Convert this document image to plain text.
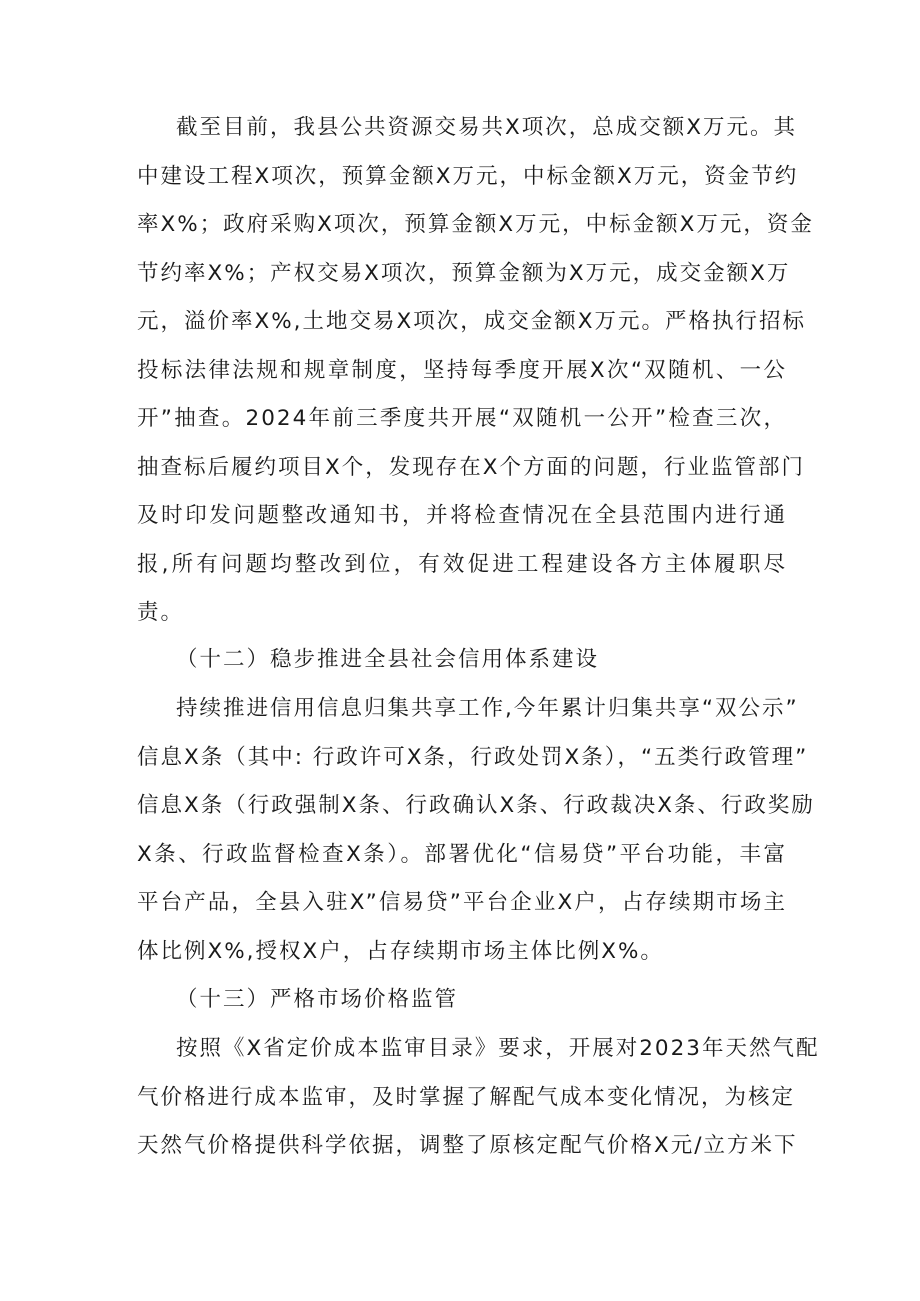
截至目前，我县公共资源交易共X项次，总成交额X万元。其
中建设工程X项次，预算金额X万元，中标金额X万元，资金节约
率X%；政府采购X项次，预算金额X万元，中标金额X万元，资金
节约率X%；产权交易X项次，预算金额为X万元，成交金额X万
元，溢价率X%,土地交易X项次，成交金额X万元。严格执行招标
投标法律法规和规章制度，坚持每季度开展X次“双随机、一公
开”抽查。2024年前三季度共开展“双随机一公开”检查三次，
抽查标后履约项目X个，发现存在X个方面的问题，行业监管部门
及时印发问题整改通知书，并将检查情况在全县范围内进行通
报,所有问题均整改到位，有效促进工程建设各方主体履职尽
责。
（十二）稳步推进全县社会信用体系建设
持续推进信用信息归集共享工作,今年累计归集共享“双公示”
信息X条（其中: 行政许可X条，行政处罚X条），“五类行政管理”
信息X条（行政强制X条、行政确认X条、行政裁决X条、行政奖励
X条、行政监督检查X条）。部署优化“信易贷”平台功能，丰富
平台产品，全县入驻X”信易贷”平台企业X户，占存续期市场主
体比例X%,授权X户，占存续期市场主体比例X%。
（十三）严格市场价格监管
按照《X省定价成本监审目录》要求，开展对2023年天然气配
气价格进行成本监审，及时掌握了解配气成本变化情况，为核定
天然气价格提供科学依据，调整了原核定配气价格X元/立方米下
